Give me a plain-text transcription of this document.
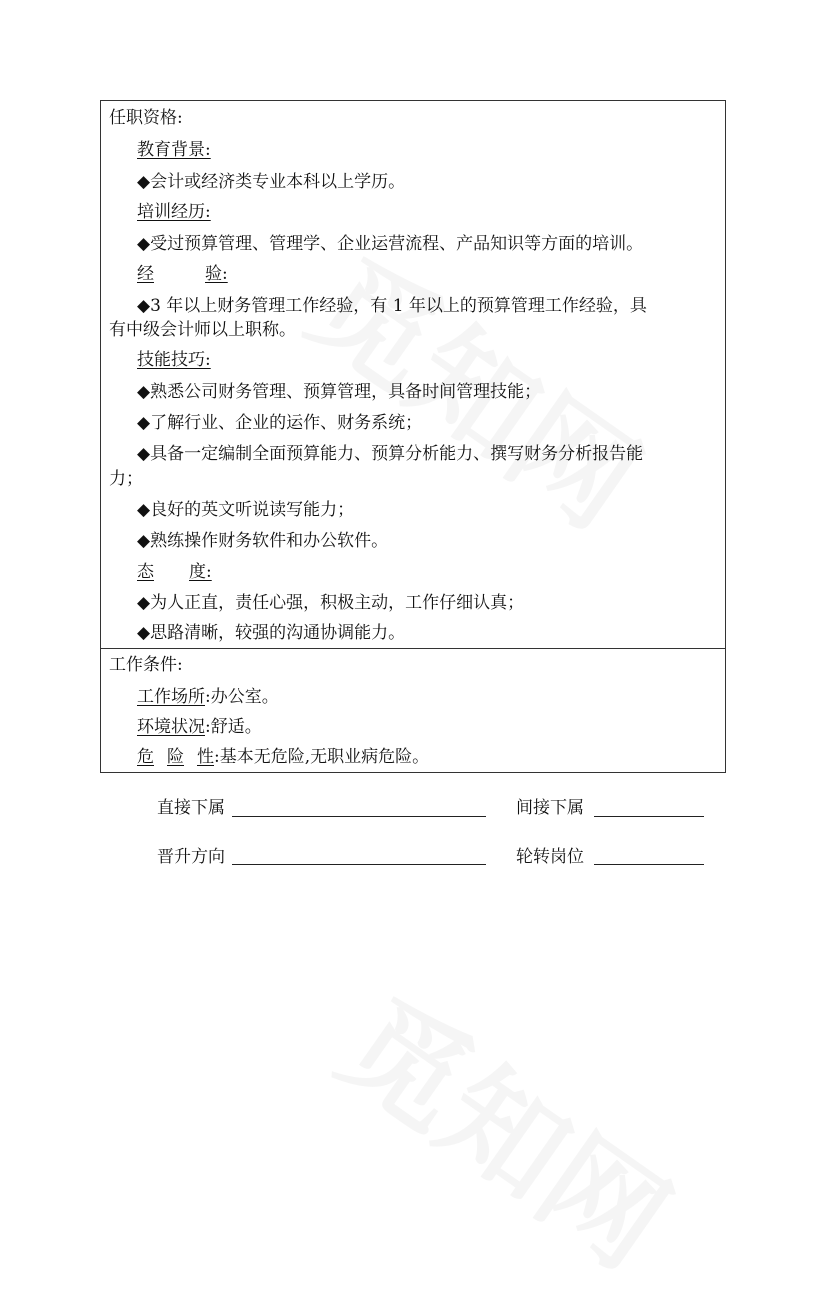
任职资格:
教育背景:
◆会计或经济类专业本科以上学历。
培训经历:
◆受过预算管理、管理学、企业运营流程、产品知识等方面的培训。
经	验:
◆3 年以上财务管理工作经验，有 1 年以上的预算管理工作经验，具
有中级会计师以上职称。
技能技巧:
◆熟悉公司财务管理、预算管理，具备时间管理技能；
◆了解行业、企业的运作、财务系统；
◆具备一定编制全面预算能力、预算分析能力、撰写财务分析报告能
力；
◆良好的英文听说读写能力；
◆熟练操作财务软件和办公软件。
态 度:
◆为人正直，责任心强，积极主动，工作仔细认真；
◆思路清晰，较强的沟通协调能力。
工作条件:
工作场所:办公室。
环境状况:舒适。
危 险 性:基本无危险,无职业病危险。
直接下属	间接下属
晋升方向	轮转岗位
